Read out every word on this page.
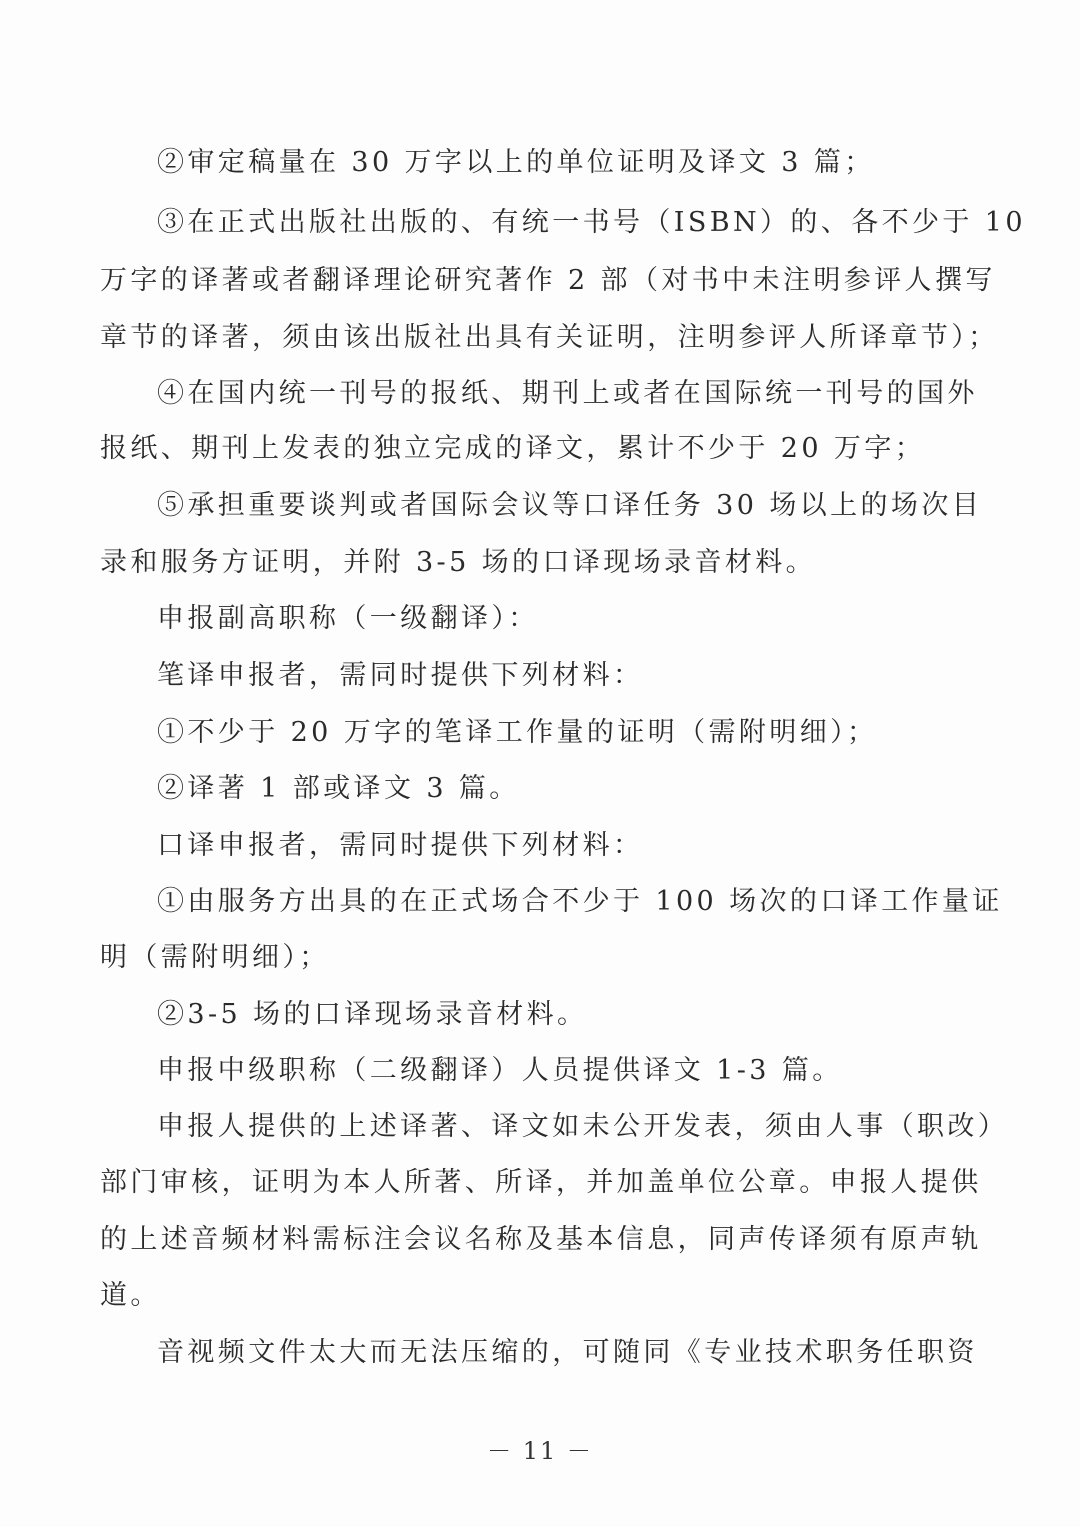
②审定稿量在 30 万字以上的单位证明及译文 3 篇；
③在正式出版社出版的、有统一书号（ISBN）的、各不少于 10
万字的译著或者翻译理论研究著作 2 部（对书中未注明参评人撰写
章节的译著，须由该出版社出具有关证明，注明参评人所译章节）；
④在国内统一刊号的报纸、期刊上或者在国际统一刊号的国外
报纸、期刊上发表的独立完成的译文，累计不少于 20 万字；
⑤承担重要谈判或者国际会议等口译任务 30 场以上的场次目
录和服务方证明，并附 3-5 场的口译现场录音材料。
申报副高职称（一级翻译）：
笔译申报者，需同时提供下列材料：
①不少于 20 万字的笔译工作量的证明（需附明细）；
②译著 1 部或译文 3 篇。
口译申报者，需同时提供下列材料：
①由服务方出具的在正式场合不少于 100 场次的口译工作量证
明（需附明细）；
②3-5 场的口译现场录音材料。
申报中级职称（二级翻译）人员提供译文 1-3 篇。
申报人提供的上述译著、译文如未公开发表，须由人事（职改）
部门审核，证明为本人所著、所译，并加盖单位公章。申报人提供
的上述音频材料需标注会议名称及基本信息，同声传译须有原声轨
道。
音视频文件太大而无法压缩的，可随同《专业技术职务任职资
－ 11 －
